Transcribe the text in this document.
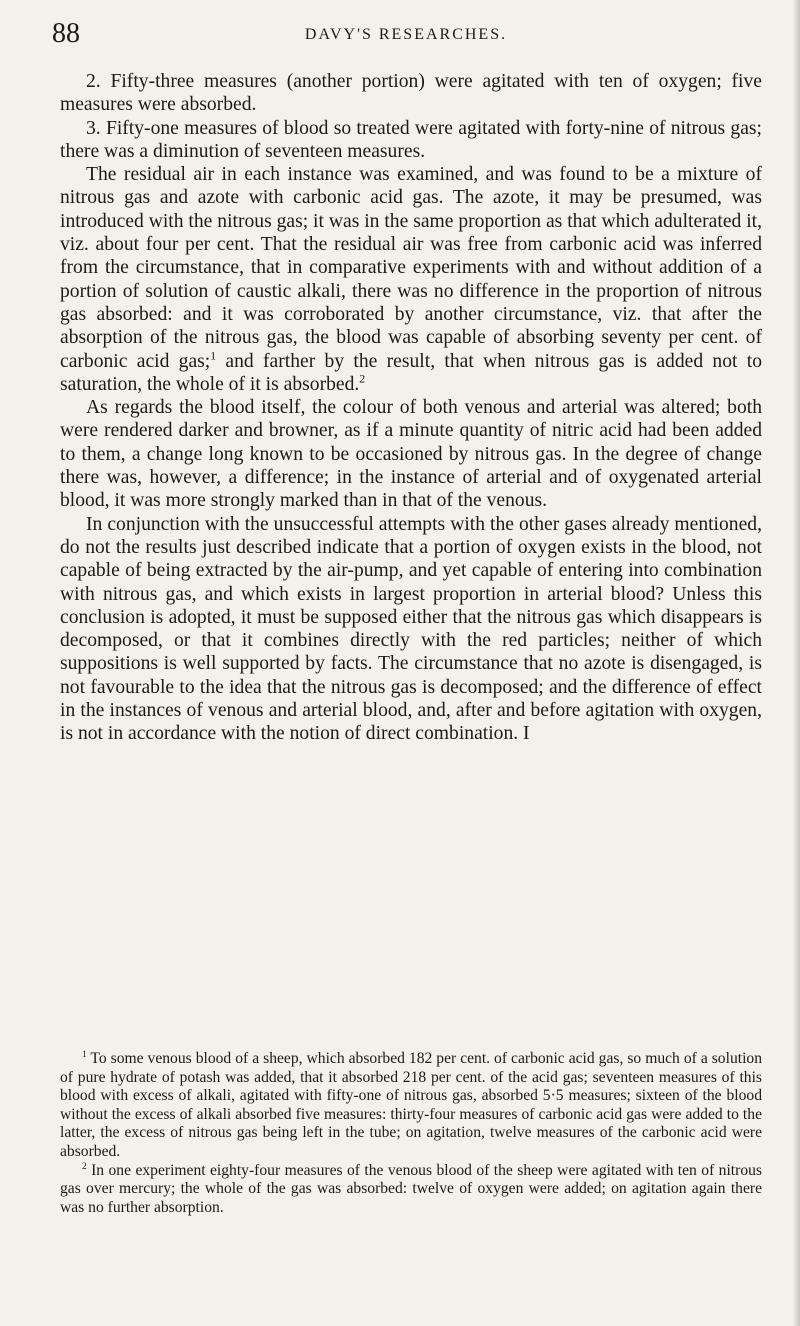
88	DAVY'S RESEARCHES.

2. Fifty-three measures (another portion) were agitated with ten of oxygen; five measures were absorbed.

3. Fifty-one measures of blood so treated were agitated with forty-nine of nitrous gas; there was a diminution of seventeen measures.

The residual air in each instance was examined, and was found to be a mixture of nitrous gas and azote with carbonic acid gas. The azote, it may be presumed, was introduced with the nitrous gas; it was in the same proportion as that which adulterated it, viz. about four per cent. That the residual air was free from carbonic acid was inferred from the circumstance, that in comparative experiments with and without addition of a portion of solution of caustic alkali, there was no difference in the proportion of nitrous gas absorbed: and it was corroborated by another circumstance, viz. that after the absorption of the nitrous gas, the blood was capable of absorbing seventy per cent. of carbonic acid gas;$^1$ and farther by the result, that when nitrous gas is added not to saturation, the whole of it is absorbed.$^2$

As regards the blood itself, the colour of both venous and arterial was altered; both were rendered darker and browner, as if a minute quantity of nitric acid had been added to them, a change long known to be occasioned by nitrous gas. In the degree of change there was, however, a difference; in the instance of arterial and of oxygenated arterial blood, it was more strongly marked than in that of the venous.

In conjunction with the unsuccessful attempts with the other gases already mentioned, do not the results just described indicate that a portion of oxygen exists in the blood, not capable of being extracted by the air-pump, and yet capable of entering into combination with nitrous gas, and which exists in largest proportion in arterial blood? Unless this conclusion is adopted, it must be supposed either that the nitrous gas which disappears is decomposed, or that it combines directly with the red particles; neither of which suppositions is well supported by facts. The circumstance that no azote is disengaged, is not favourable to the idea that the nitrous gas is decomposed; and the difference of effect in the instances of venous and arterial blood, and, after and before agitation with oxygen, is not in accordance with the notion of direct combination. I

$^1$ To some venous blood of a sheep, which absorbed 182 per cent. of carbonic acid gas, so much of a solution of pure hydrate of potash was added, that it absorbed 218 per cent. of the acid gas; seventeen measures of this blood with excess of alkali, agitated with fifty-one of nitrous gas, absorbed 5·5 measures; sixteen of the blood without the excess of alkali absorbed five measures: thirty-four measures of carbonic acid gas were added to the latter, the excess of nitrous gas being left in the tube; on agitation, twelve measures of the carbonic acid were absorbed.

$^2$ In one experiment eighty-four measures of the venous blood of the sheep were agitated with ten of nitrous gas over mercury; the whole of the gas was absorbed: twelve of oxygen were added; on agitation again there was no further absorption.
